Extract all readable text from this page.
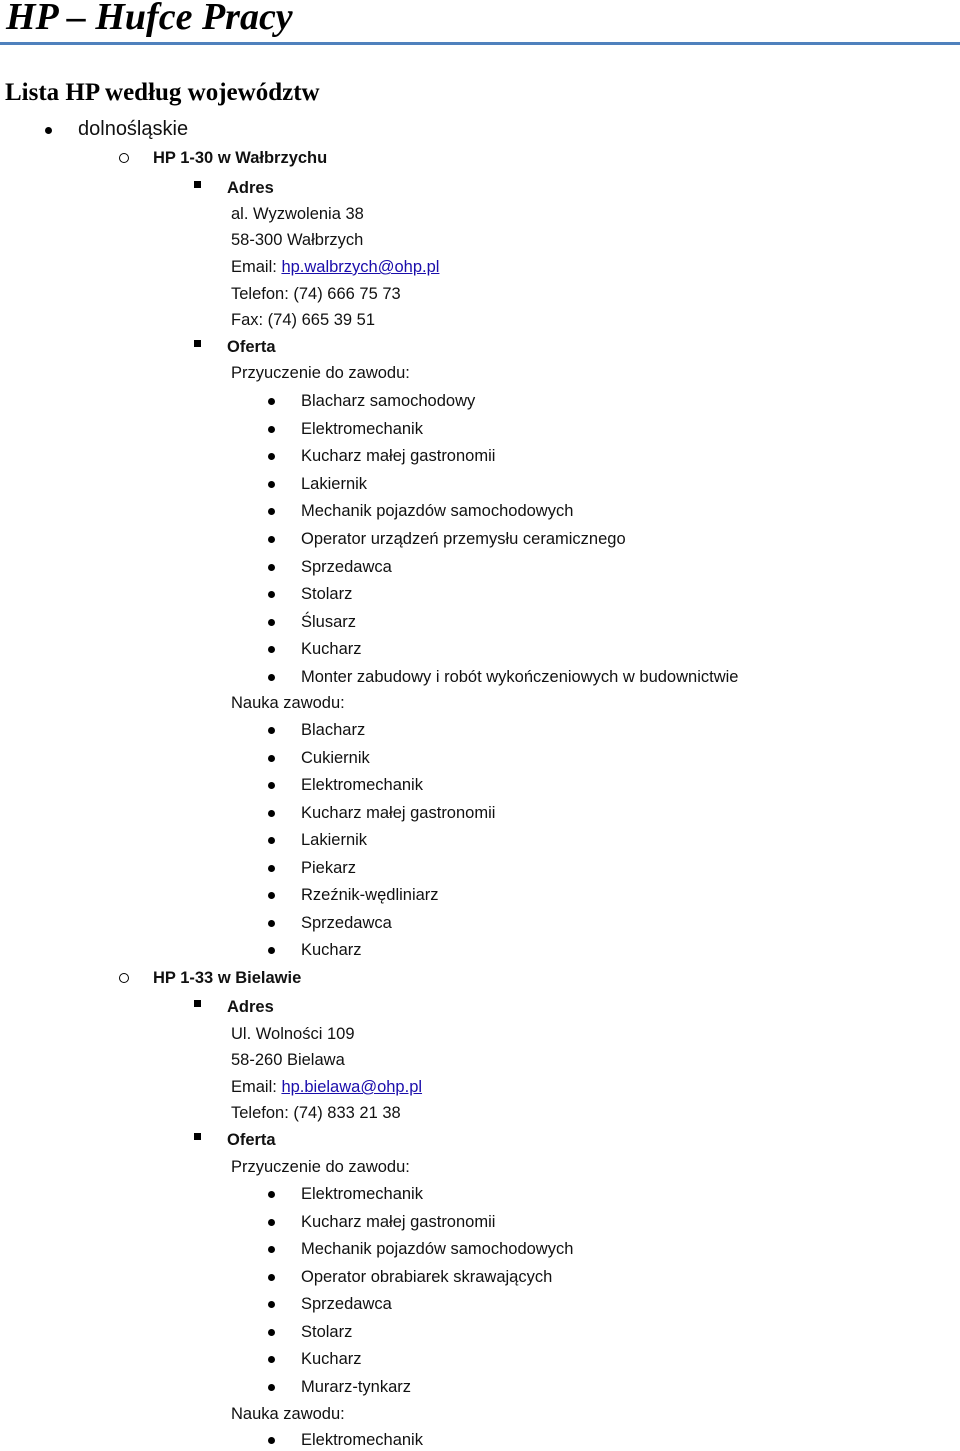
HP – Hufce Pracy
Lista HP według województw
dolnośląskie
HP 1-30 w Wałbrzychu
Adres
al. Wyzwolenia 38
58-300 Wałbrzych
Email: hp.walbrzych@ohp.pl
Telefon: (74) 666 75 73
Fax: (74) 665 39 51
Oferta
Przyuczenie do zawodu:
Blacharz samochodowy
Elektromechanik
Kucharz małej gastronomii
Lakiernik
Mechanik pojazdów samochodowych
Operator urządzeń przemysłu ceramicznego
Sprzedawca
Stolarz
Ślusarz
Kucharz
Monter zabudowy i robót wykończeniowych w budownictwie
Nauka zawodu:
Blacharz
Cukiernik
Elektromechanik
Kucharz małej gastronomii
Lakiernik
Piekarz
Rzeźnik-wędliniarz
Sprzedawca
Kucharz
HP 1-33 w Bielawie
Adres
Ul. Wolności 109
58-260 Bielawa
Email: hp.bielawa@ohp.pl
Telefon: (74) 833 21 38
Oferta
Przyuczenie do zawodu:
Elektromechanik
Kucharz małej gastronomii
Mechanik pojazdów samochodowych
Operator obrabiarek skrawających
Sprzedawca
Stolarz
Kucharz
Murarz-tynkarz
Nauka zawodu:
Elektromechanik
